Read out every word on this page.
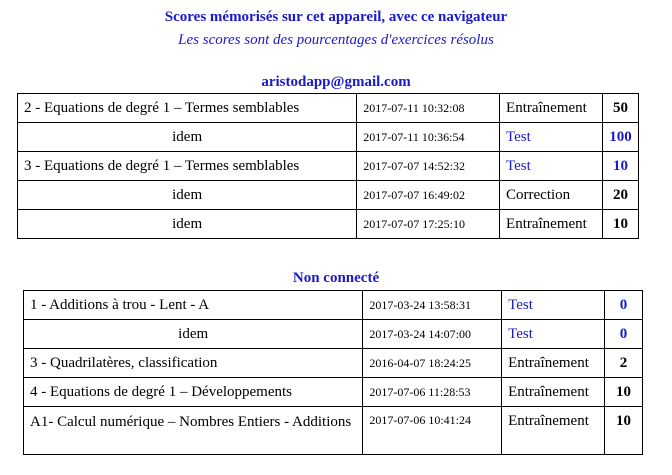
Scores mémorisés sur cet appareil, avec ce navigateur
Les scores sont des pourcentages d'exercices résolus
aristodapp@gmail.com
2 - Equations de degré 1 – Termes semblables	2017-07-11 10:32:08	Entraînement	50
idem	2017-07-11 10:36:54	Test	100
3 - Equations de degré 1 – Termes semblables	2017-07-07 14:52:32	Test	10
idem	2017-07-07 16:49:02	Correction	20
idem	2017-07-07 17:25:10	Entraînement	10
Non connecté
1 - Additions à trou - Lent - A	2017-03-24 13:58:31	Test	0
idem	2017-03-24 14:07:00	Test	0
3 - Quadrilatères, classification	2016-04-07 18:24:25	Entraînement	2
4 - Equations de degré 1 – Développements	2017-07-06 11:28:53	Entraînement	10
A1- Calcul numérique – Nombres Entiers - Additions	2017-07-06 10:41:24	Entraînement	10
